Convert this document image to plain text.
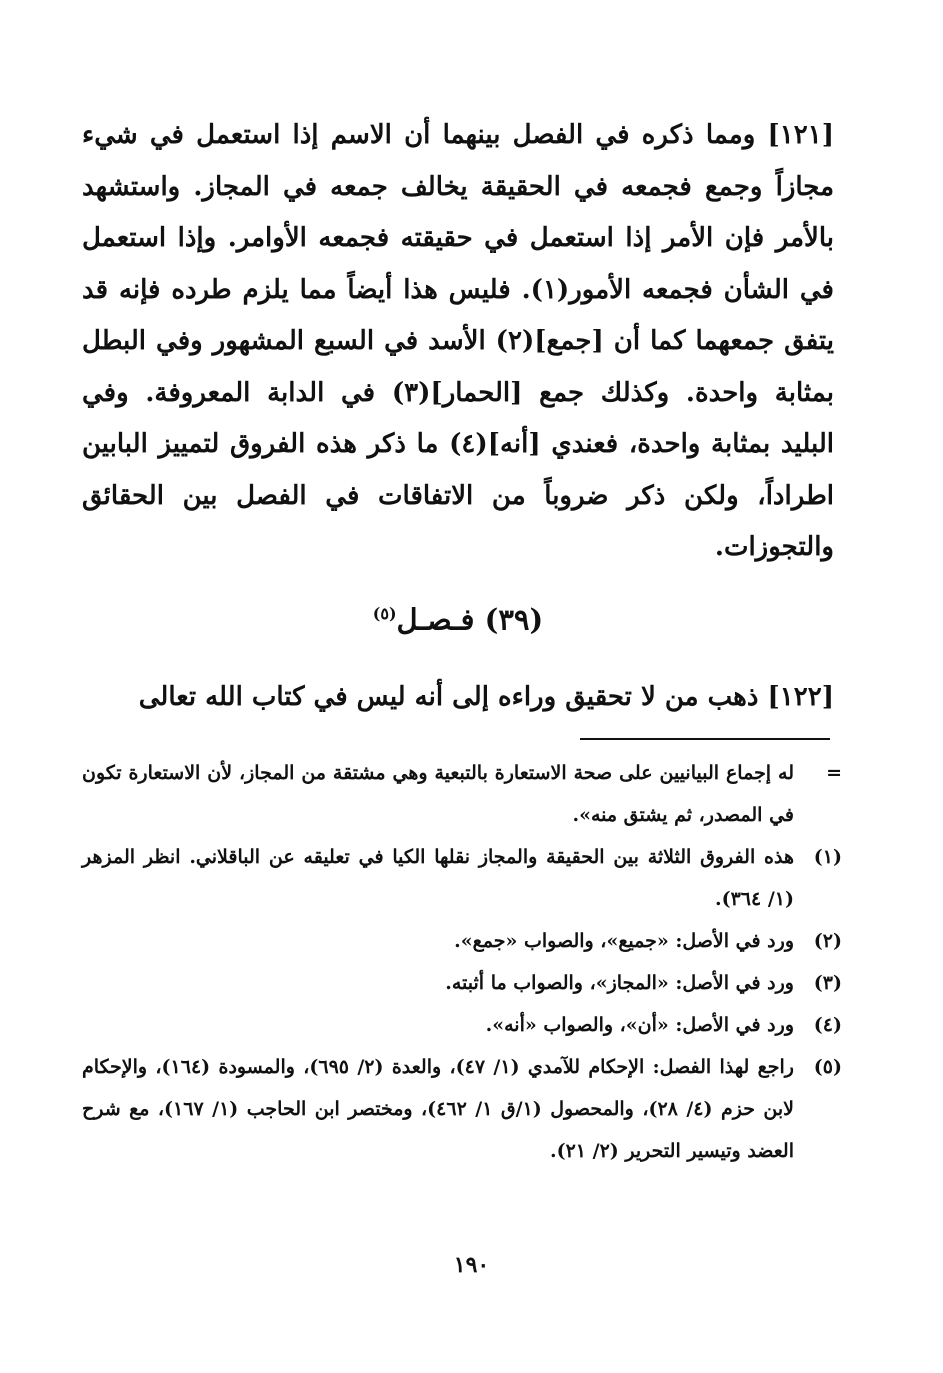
[١٢١] ومما ذكره في الفصل بينهما أن الاسم إذا استعمل في شيء مجازاً وجمع فجمعه في الحقيقة يخالف جمعه في المجاز. واستشهد بالأمر فإن الأمر إذا استعمل في حقيقته فجمعه الأوامر. وإذا استعمل في الشأن فجمعه الأمور(١). فليس هذا أيضاً مما يلزم طرده فإنه قد يتفق جمعهما كما أن [جمع](٢) الأسد في السبع المشهور وفي البطل بمثابة واحدة. وكذلك جمع [الحمار](٣) في الدابة المعروفة. وفي البليد بمثابة واحدة، فعندي [أنه](٤) ما ذكر هذه الفروق لتمييز البابين اطراداً، ولكن ذكر ضروباً من الاتفاقات في الفصل بين الحقائق والتجوزات.

(٣٩) فـصـل$^{(٥)}$

[١٢٢] ذهب من لا تحقيق وراءه إلى أنه ليس في كتاب الله تعالى

=

له إجماع البيانيين على صحة الاستعارة بالتبعية وهي مشتقة من المجاز، لأن الاستعارة تكون في المصدر، ثم يشتق منه».

(١)

هذه الفروق الثلاثة بين الحقيقة والمجاز نقلها الكيا في تعليقه عن الباقلاني. انظر المزهر (١/ ٣٦٤).

(٢)

ورد في الأصل: «جميع»، والصواب «جمع».

(٣)

ورد في الأصل: «المجاز»، والصواب ما أثبته.

(٤)

ورد في الأصل: «أن»، والصواب «أنه».

(٥)

راجع لهذا الفصل: الإحكام للآمدي (١/ ٤٧)، والعدة (٢/ ٦٩٥)، والمسودة (١٦٤)، والإحكام لابن حزم (٤/ ٢٨)، والمحصول (١/ق ١/ ٤٦٢)، ومختصر ابن الحاجب (١/ ١٦٧)، مع شرح العضد وتيسير التحرير (٢/ ٢١).

١٩٠
